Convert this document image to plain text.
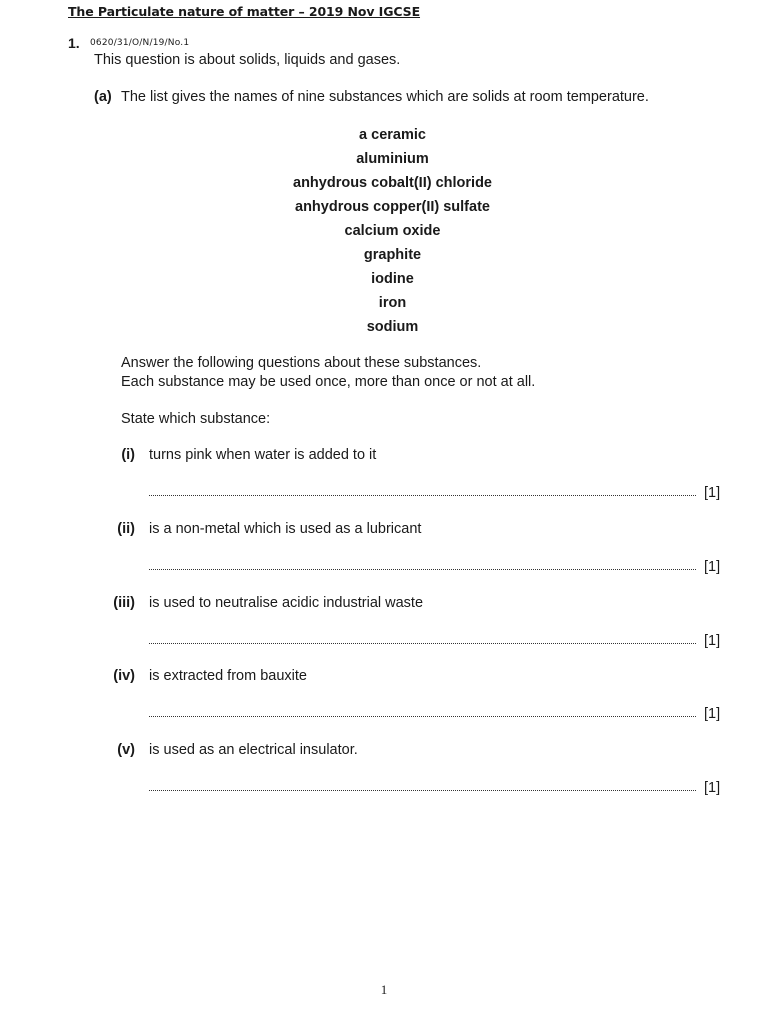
The Particulate nature of matter – 2019 Nov IGCSE
1. 0620/31/O/N/19/No.1
This question is about solids, liquids and gases.
(a) The list gives the names of nine substances which are solids at room temperature.
a ceramic
aluminium
anhydrous cobalt(II) chloride
anhydrous copper(II) sulfate
calcium oxide
graphite
iodine
iron
sodium
Answer the following questions about these substances.
Each substance may be used once, more than once or not at all.
State which substance:
(i) turns pink when water is added to it
[1]
(ii) is a non-metal which is used as a lubricant
[1]
(iii) is used to neutralise acidic industrial waste
[1]
(iv) is extracted from bauxite
[1]
(v) is used as an electrical insulator.
[1]
1
